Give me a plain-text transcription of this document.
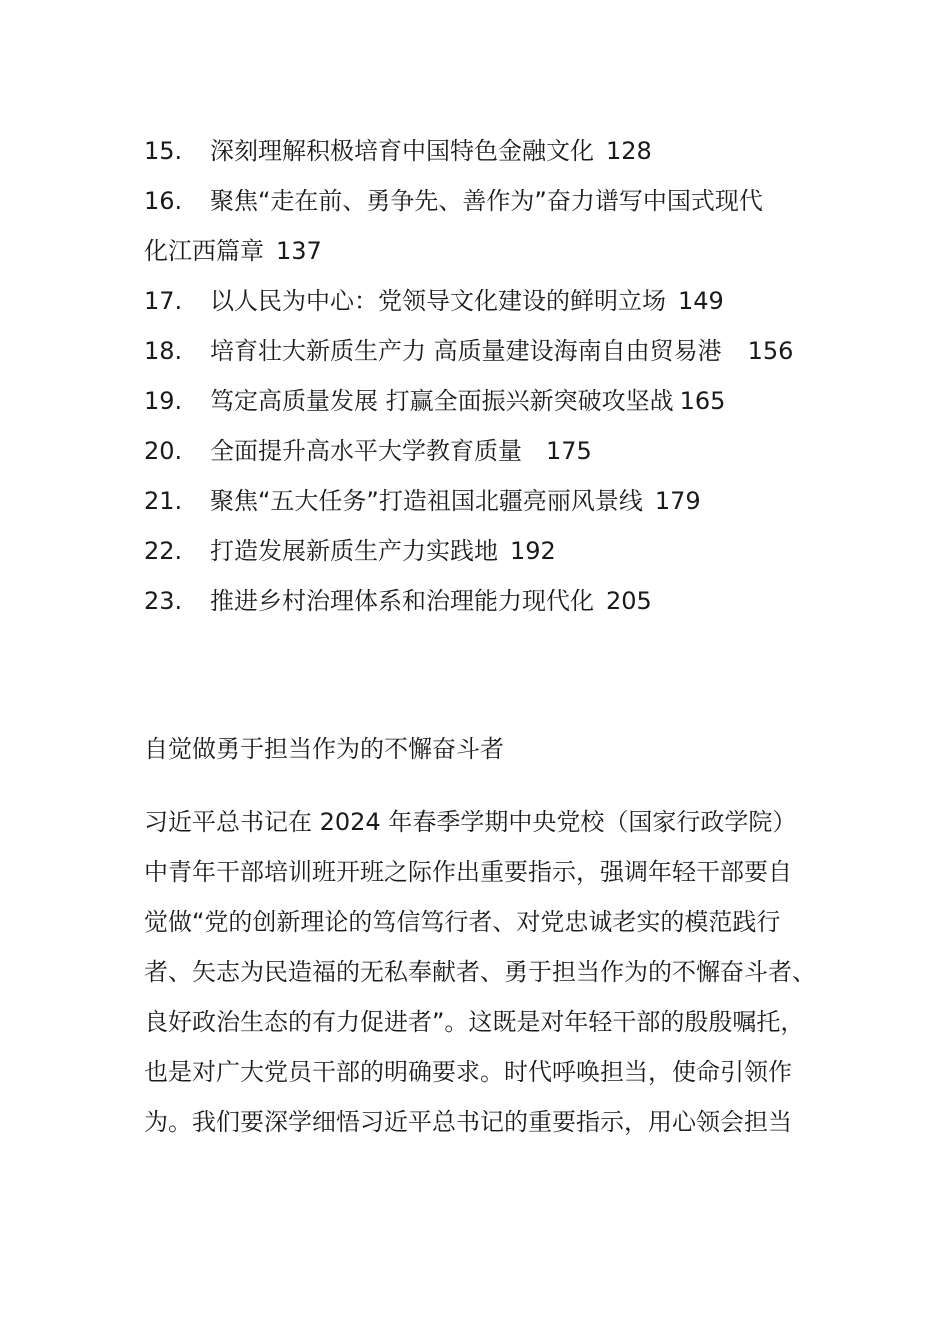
15. 深刻理解积极培育中国特色金融文化 128
16. 聚焦“走在前、勇争先、善作为”奋力谱写中国式现代
化江西篇章 137
17. 以人民为中心：党领导文化建设的鲜明立场 149
18. 培育壮大新质生产力 高质量建设海南自由贸易港 156
19. 笃定高质量发展 打赢全面振兴新突破攻坚战 165
20. 全面提升高水平大学教育质量 175
21. 聚焦“五大任务”打造祖国北疆亮丽风景线 179
22. 打造发展新质生产力实践地 192
23. 推进乡村治理体系和治理能力现代化 205
自觉做勇于担当作为的不懈奋斗者
习近平总书记在 2024 年春季学期中央党校（国家行政学院）
中青年干部培训班开班之际作出重要指示，强调年轻干部要自
觉做“党的创新理论的笃信笃行者、对党忠诚老实的模范践行
者、矢志为民造福的无私奉献者、勇于担当作为的不懈奋斗者、
良好政治生态的有力促进者”。这既是对年轻干部的殷殷嘱托，
也是对广大党员干部的明确要求。时代呼唤担当，使命引领作
为。我们要深学细悟习近平总书记的重要指示，用心领会担当
